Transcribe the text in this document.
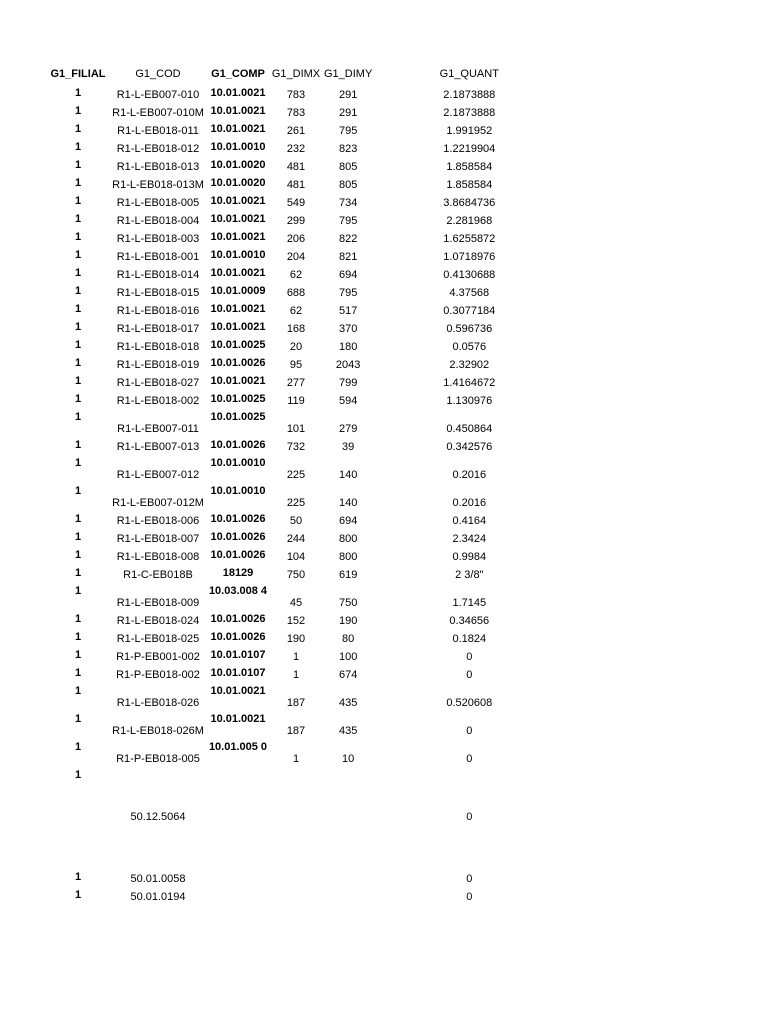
G1_FILIAL	G1_COD	G1_COMP	G1_DIMX	G1_DIMY	G1_QUANT
1	R1-L-EB007-010	10.01.0021	783	291	2.1873888
1	R1-L-EB007-010M	10.01.0021	783	291	2.1873888
1	R1-L-EB018-011	10.01.0021	261	795	1.991952
1	R1-L-EB018-012	10.01.0010	232	823	1.2219904
1	R1-L-EB018-013	10.01.0020	481	805	1.858584
1	R1-L-EB018-013M	10.01.0020	481	805	1.858584
1	R1-L-EB018-005	10.01.0021	549	734	3.8684736
1	R1-L-EB018-004	10.01.0021	299	795	2.281968
1	R1-L-EB018-003	10.01.0021	206	822	1.6255872
1	R1-L-EB018-001	10.01.0010	204	821	1.0718976
1	R1-L-EB018-014	10.01.0021	62	694	0.4130688
1	R1-L-EB018-015	10.01.0009	688	795	4.37568
1	R1-L-EB018-016	10.01.0021	62	517	0.3077184
1	R1-L-EB018-017	10.01.0021	168	370	0.596736
1	R1-L-EB018-018	10.01.0025	20	180	0.0576
1	R1-L-EB018-019	10.01.0026	95	2043	2.32902
1	R1-L-EB018-027	10.01.0021	277	799	1.4164672
1	R1-L-EB018-002	10.01.0025	119	594	1.130976
1	R1-L-EB007-011	10.01.0025	101	279	0.450864
1	R1-L-EB007-013	10.01.0026	732	39	0.342576
1	R1-L-EB007-012	10.01.0010	225	140	0.2016
1	R1-L-EB007-012M	10.01.0010	225	140	0.2016
1	R1-L-EB018-006	10.01.0026	50	694	0.4164
1	R1-L-EB018-007	10.01.0026	244	800	2.3424
1	R1-L-EB018-008	10.01.0026	104	800	0.9984
1	R1-C-EB018B	18129	750	619	2 3/8"
1	R1-L-EB018-009	10.03.008 4	45	750	1.7145
1	R1-L-EB018-024	10.01.0026	152	190	0.34656
1	R1-L-EB018-025	10.01.0026	190	80	0.1824
1	R1-P-EB001-002	10.01.0107	1	100	0
1	R1-P-EB018-002	10.01.0107	1	674	0
1	R1-L-EB018-026	10.01.0021	187	435	0.520608
1	R1-L-EB018-026M	10.01.0021	187	435	0
1	R1-P-EB018-005	10.01.005 0	1	10	0
1					
	50.12.5064				0

1	50.01.0058				0
1	50.01.0194				0
